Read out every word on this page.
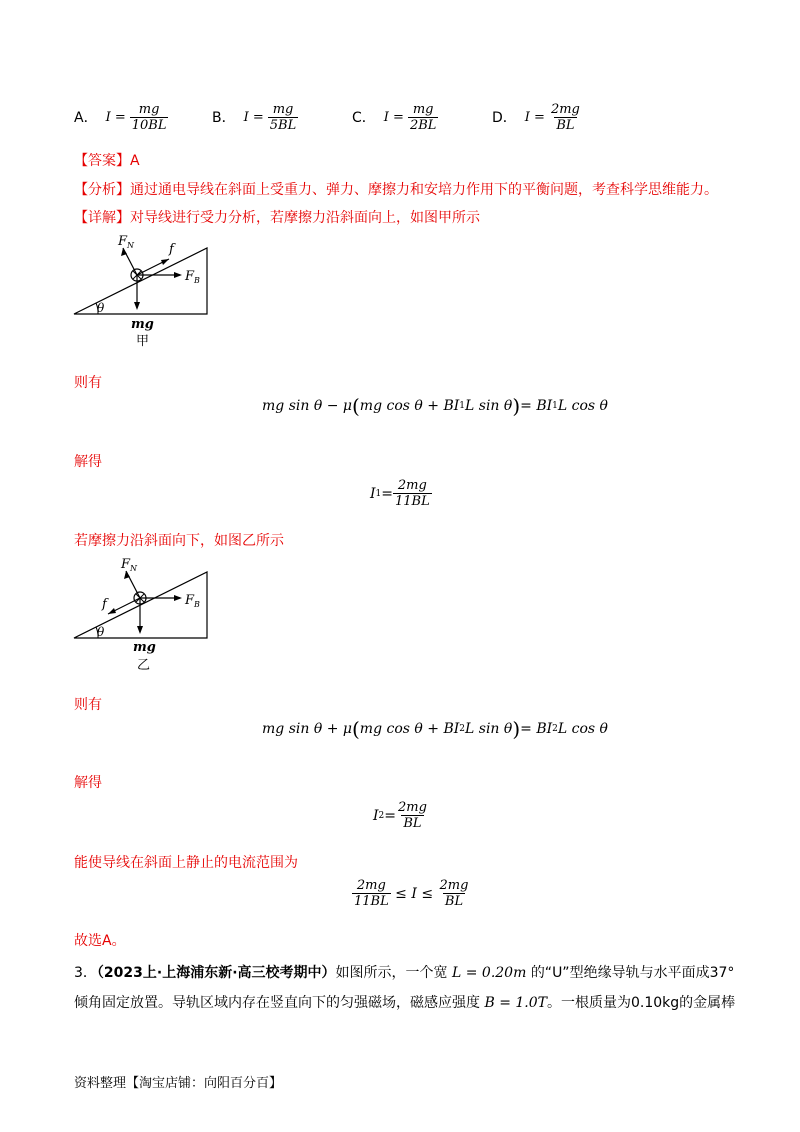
A． $I = \frac{mg}{10BL}$	B． $I = \frac{mg}{5BL}$	C． $I = \frac{mg}{2BL}$	D． $I = \frac{2mg}{BL}$
【答案】A
【分析】通过通电导线在斜面上受重力、弹力、摩擦力和安培力作用下的平衡问题，考查科学思维能力。
【详解】对导线进行受力分析，若摩擦力沿斜面向上，如图甲所示
$F_N$	f
$F_B$
θ
mg
甲
则有
mg sin θ − μ ( mg cos θ + BI 1 L sin θ ) = BI 1 L cos θ
解得
I $1 = \frac{2mg}{11BL}$
若摩擦力沿斜面向下，如图乙所示
$F_N$
f	$F_B$
θ
mg
乙
则有
mg sin θ + μ ( mg cos θ + BI 2 L sin θ ) = BI 2 L cos θ
解得
I $2 = \frac{2mg}{BL}$
能使导线在斜面上静止的电流范围为
$\frac{2mg}{11BL} \le I \le \frac{2mg}{BL}$
故选A。
3．（2023上·上海浦东新·高三校考期中）如图所示，一个宽 L = 0.20m 的“U”型绝缘导轨与水平面成37°
倾角固定放置。导轨区域内存在竖直向下的匀强磁场，磁感应强度 B = 1.0T。一根质量为0.10kg的金属棒
资料整理【淘宝店铺：向阳百分百】
